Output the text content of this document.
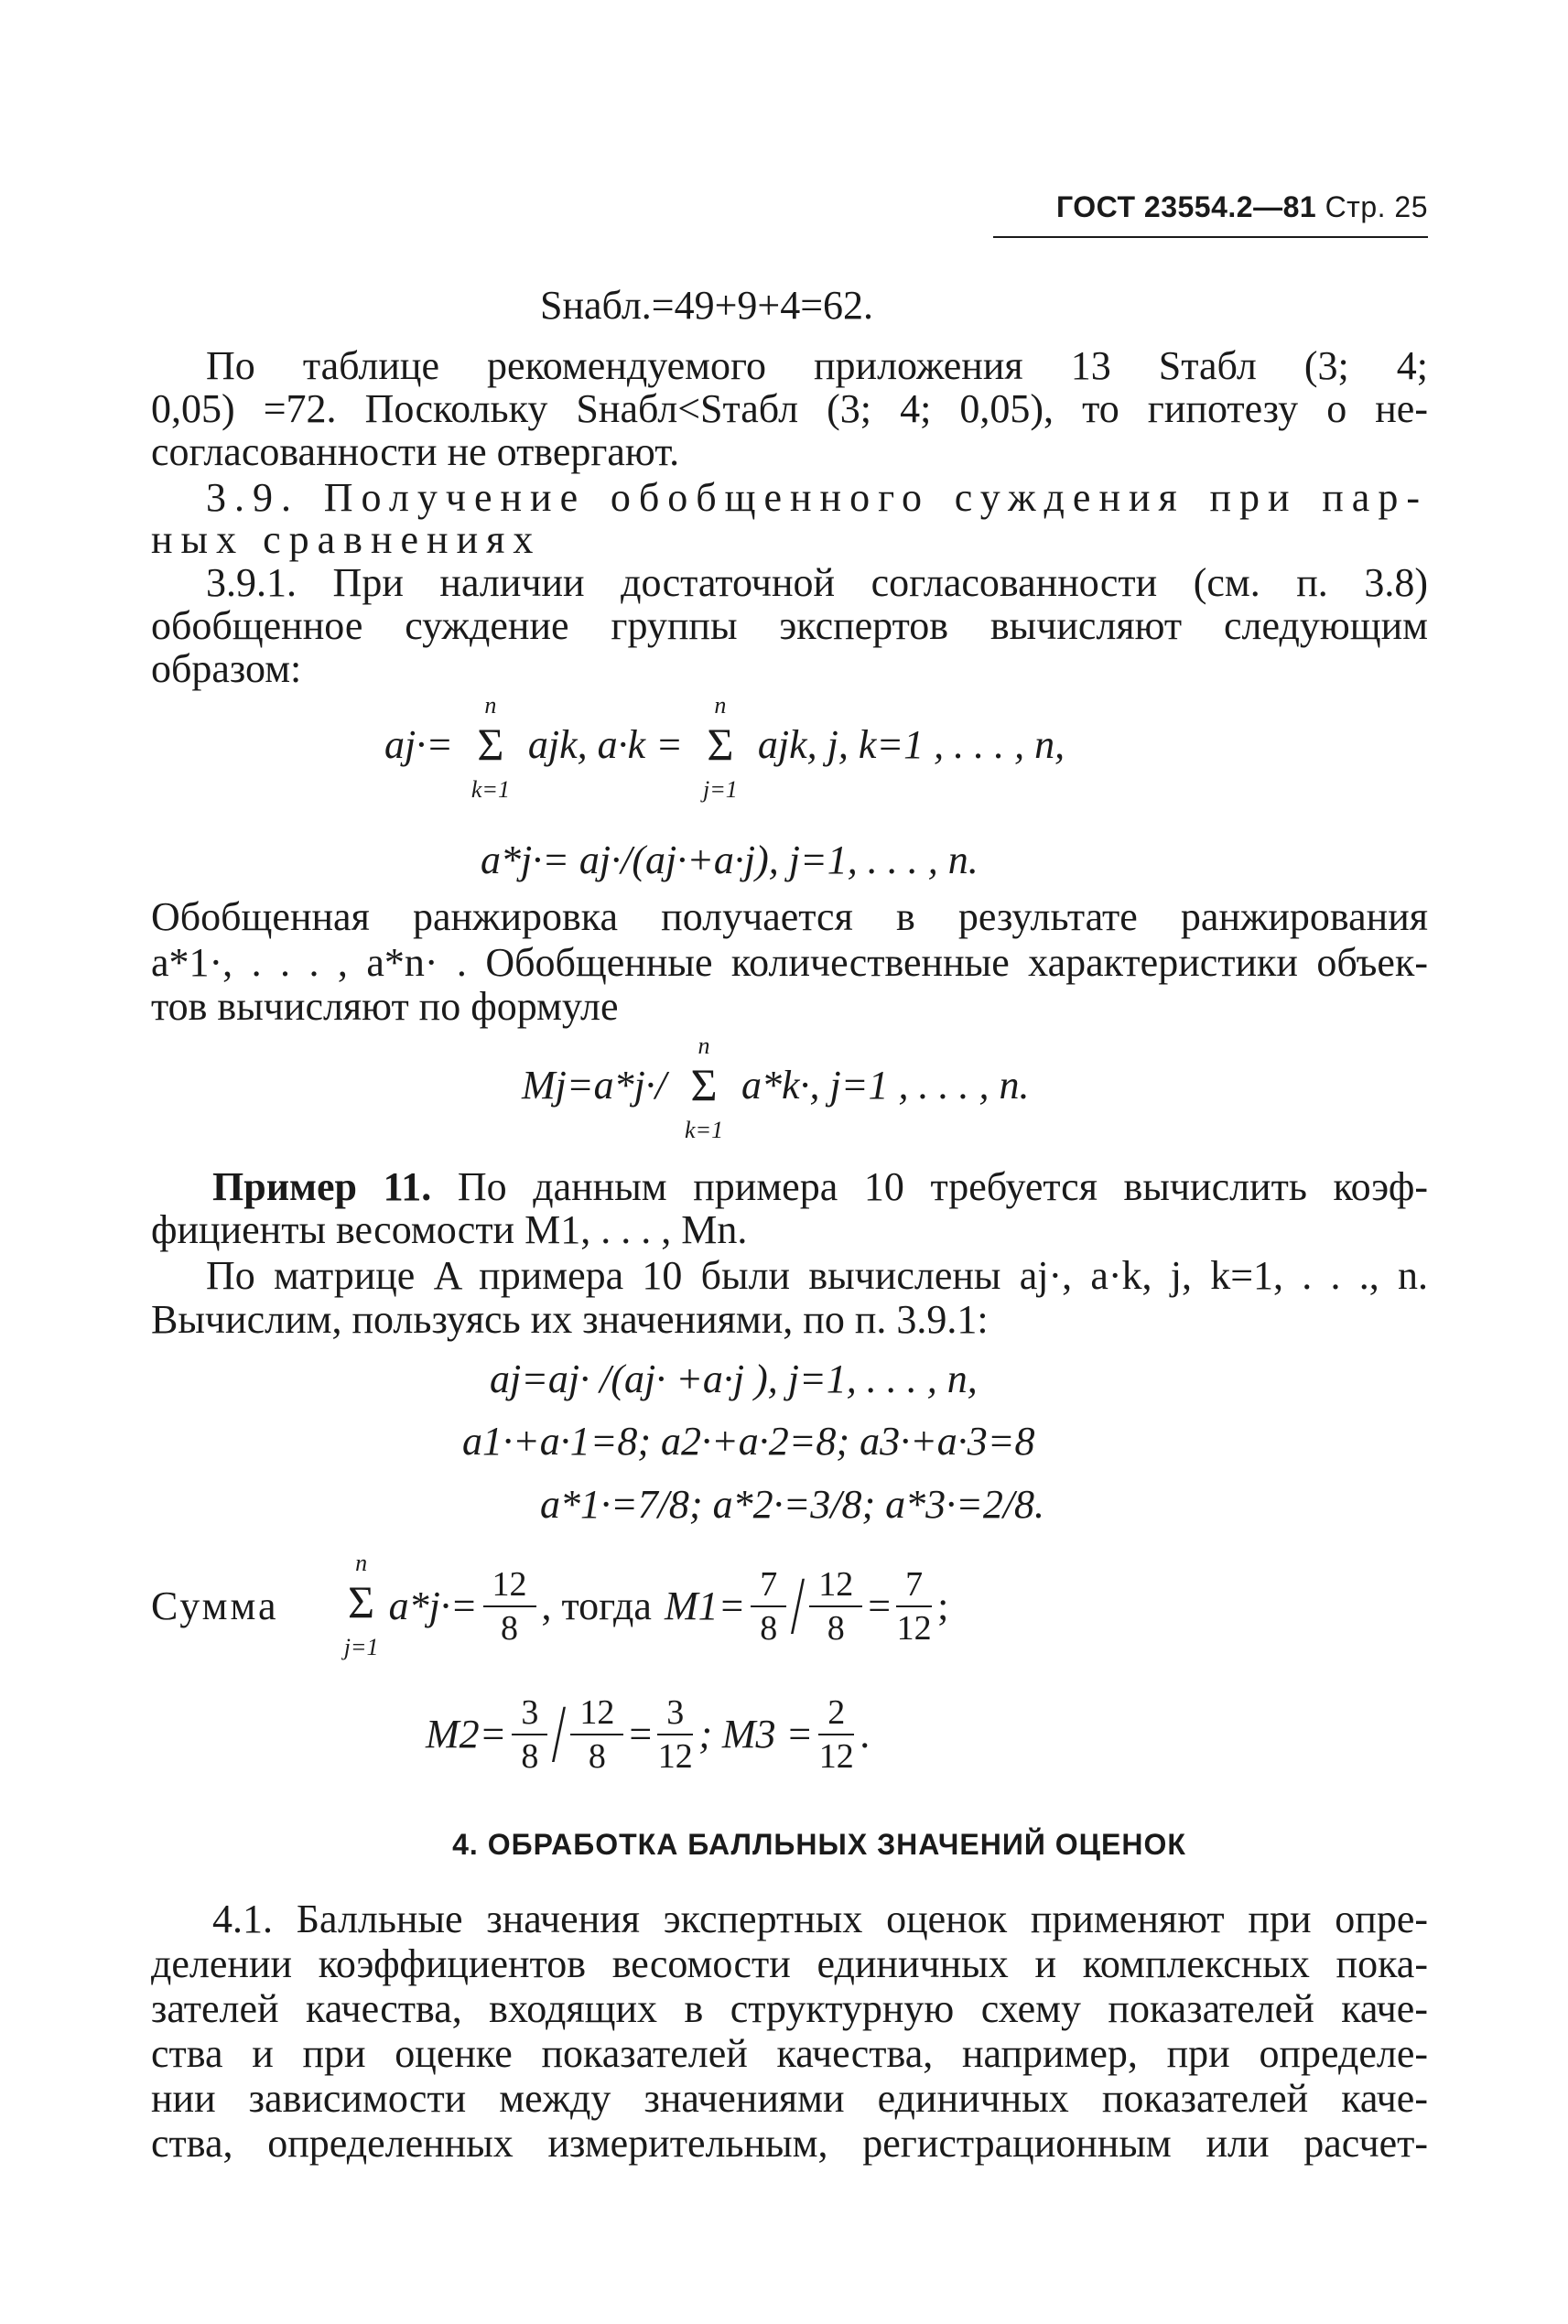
ГОСТ 23554.2—81 Стр. 25
Sнабл.=49+9+4=62.
По таблице рекомендуемого приложения 13 Sтабл (3; 4;
0,05) =72. Поскольку Sнабл<Sтабл (3; 4; 0,05), то гипотезу о не-
согласованности не отвергают.
3.9. Получение обобщенного суждения при пар-
ных сравнениях
3.9.1. При наличии достаточной согласованности (см. п. 3.8)
обобщенное суждение группы экспертов вычисляют следующим
образом:
aj·=
n
Σ
k=1
ajk, a·k =
n
Σ
j=1
ajk, j, k=1 , . . . , n,
a*j·= aj·/(aj·+a·j), j=1, . . . , n.
Обобщенная ранжировка получается в результате ранжирования
a*1·, . . . , a*n· . Обобщенные количественные характеристики объек-
тов вычисляют по формуле
Mj=a*j·/
n
Σ
k=1
a*k·, j=1 , . . . , n.
Пример 11. По данным примера 10 требуется вычислить коэф-
фициенты весомости M1, . . . , Mn.
По матрице A примера 10 были вычислены aj·, a·k, j, k=1, . . ., n.
Вычислим, пользуясь их значениями, по п. 3.9.1:
aj=aj· /(aj· +a·j ), j=1, . . . , n,
a1·+a·1=8; a2·+a·2=8; a3·+a·3=8
a*1·=7/8; a*2·=3/8; a*3·=2/8.
Сумма
n
Σ
j=1
$a*j\cdot= \frac{12}{8}$ , тогда $M1= \frac{7}{8} / \frac{12}{8} = \frac{7}{12}$ ;
$M2= \frac{3}{8} / \frac{12}{8} = \frac{3}{12}$ ; $M3 = \frac{2}{12}$ .
4. ОБРАБОТКА БАЛЛЬНЫХ ЗНАЧЕНИЙ ОЦЕНОК
4.1. Балльные значения экспертных оценок применяют при опре-
делении коэффициентов весомости единичных и комплексных пока-
зателей качества, входящих в структурную схему показателей каче-
ства и при оценке показателей качества, например, при определе-
нии зависимости между значениями единичных показателей каче-
ства, определенных измерительным, регистрационным или расчет-
